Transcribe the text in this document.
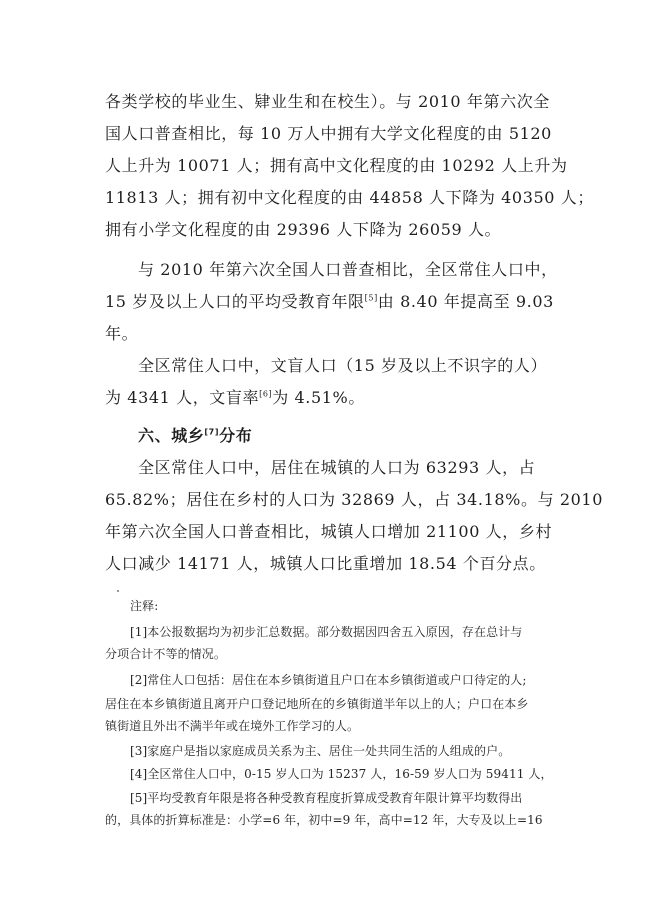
各类学校的毕业生、肄业生和在校生）。与 2010 年第六次全
国人口普查相比，每 10 万人中拥有大学文化程度的由 5120
人上升为 10071 人；拥有高中文化程度的由 10292 人上升为
11813 人；拥有初中文化程度的由 44858 人下降为 40350 人；
拥有小学文化程度的由 29396 人下降为 26059 人。
与 2010 年第六次全国人口普查相比，全区常住人口中，
15 岁及以上人口的平均受教育年限[5]由 8.40 年提高至 9.03
年。
全区常住人口中，文盲人口（15 岁及以上不识字的人）
为 4341 人，文盲率[6]为 4.51%。
六、城乡[7]分布
全区常住人口中，居住在城镇的人口为 63293 人，占
65.82%；居住在乡村的人口为 32869 人，占 34.18%。与 2010
年第六次全国人口普查相比，城镇人口增加 21100 人，乡村
人口减少 14171 人，城镇人口比重增加 18.54 个百分点。
注释:
[1]本公报数据均为初步汇总数据。部分数据因四舍五入原因，存在总计与
分项合计不等的情况。
[2]常住人口包括：居住在本乡镇街道且户口在本乡镇街道或户口待定的人;
居住在本乡镇街道且离开户口登记地所在的乡镇街道半年以上的人；户口在本乡
镇街道且外出不满半年或在境外工作学习的人。
[3]家庭户是指以家庭成员关系为主、居住一处共同生活的人组成的户。
[4]全区常住人口中，0-15 岁人口为 15237 人，16-59 岁人口为 59411 人，
[5]平均受教育年限是将各种受教育程度折算成受教育年限计算平均数得出
的，具体的折算标准是：小学=6 年，初中=9 年，高中=12 年，大专及以上=16
